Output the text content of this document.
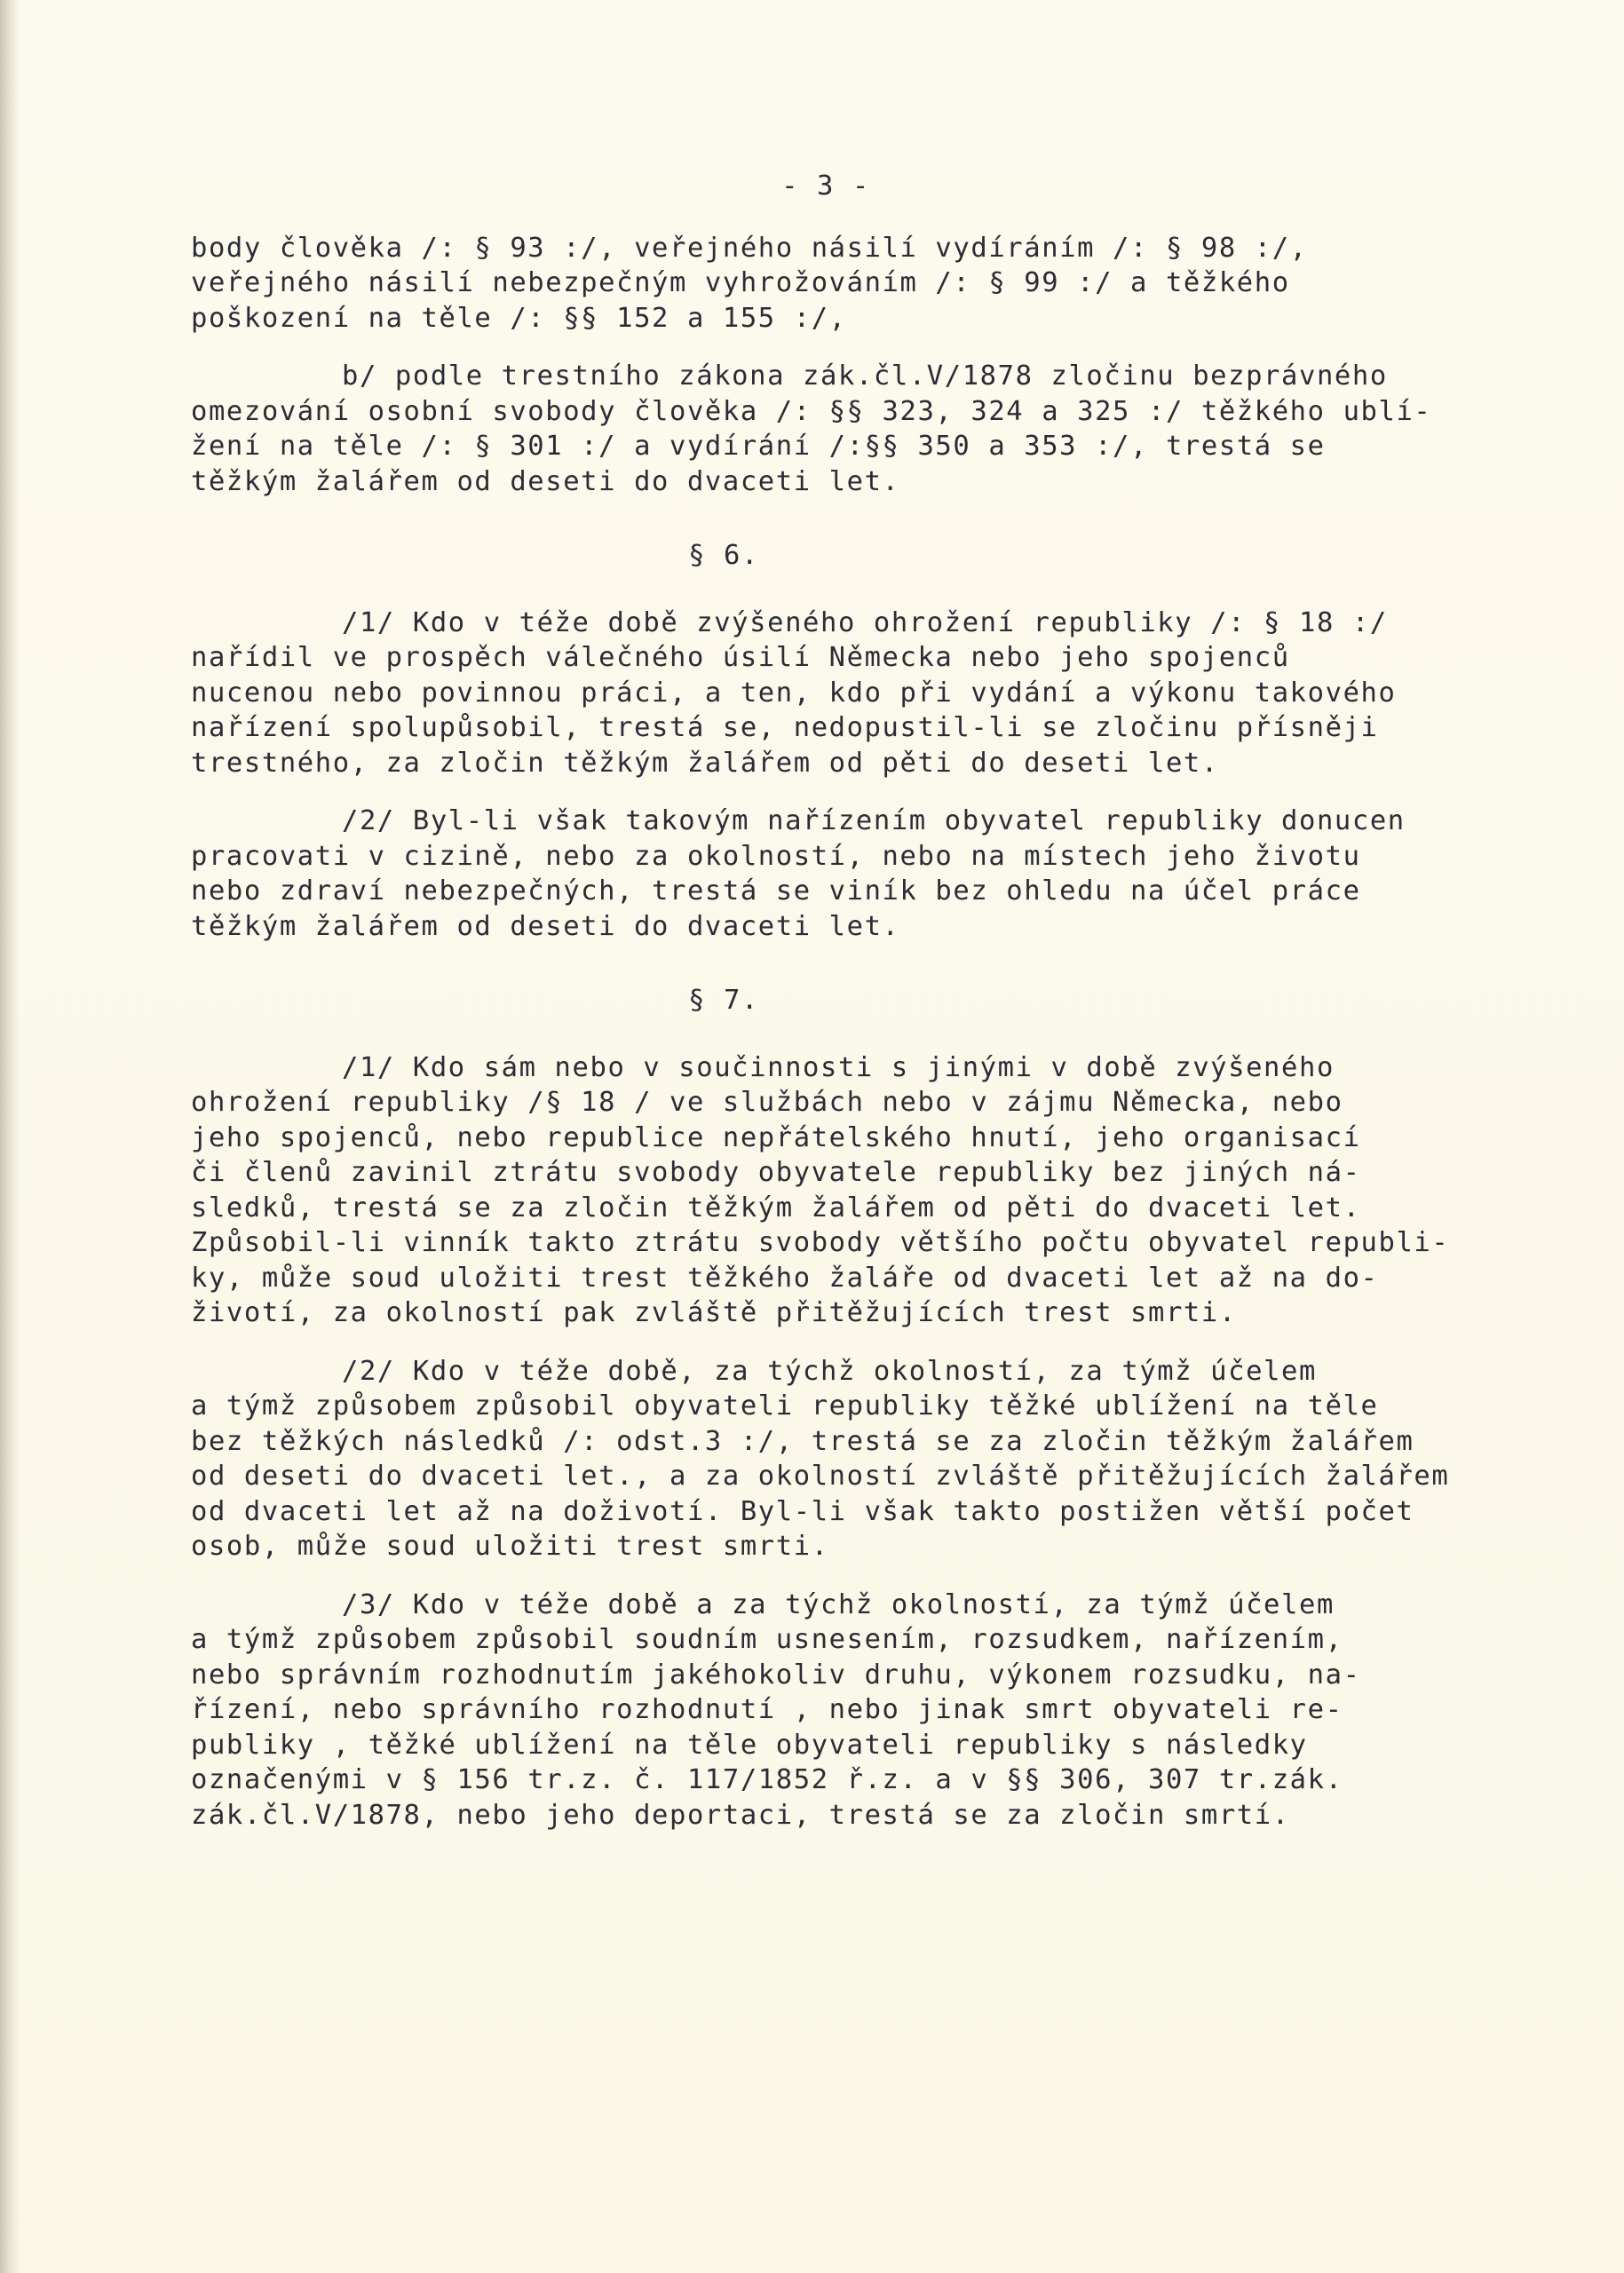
- 3 -
body člověka /: § 93 :/, veřejného násilí vydíráním /: § 98 :/,
veřejného násilí nebezpečným vyhrožováním /: § 99 :/ a těžkého
poškození na těle /: §§ 152 a 155 :/,
b/ podle trestního zákona zák.čl.V/1878 zločinu bezprávného
omezování osobní svobody člověka /: §§ 323, 324 a 325 :/ těžkého ublí-
žení na těle /: § 301 :/ a vydírání /:§§ 350 a 353 :/, trestá se
těžkým žalářem od deseti do dvaceti let.
§ 6.
/1/ Kdo v téže době zvýšeného ohrožení republiky /: § 18 :/
nařídil ve prospěch válečného úsilí Německa nebo jeho spojenců
nucenou nebo povinnou práci, a ten, kdo při vydání a výkonu takového
nařízení spolupůsobil, trestá se, nedopustil-li se zločinu přísněji
trestného, za zločin těžkým žalářem od pěti do deseti let.
/2/ Byl-li však takovým nařízením obyvatel republiky donucen
pracovati v cizině, nebo za okolností, nebo na místech jeho životu
nebo zdraví nebezpečných, trestá se viník bez ohledu na účel práce
těžkým žalářem od deseti do dvaceti let.
§ 7.
/1/ Kdo sám nebo v součinnosti s jinými v době zvýšeného
ohrožení republiky /§ 18 / ve službách nebo v zájmu Německa, nebo
jeho spojenců, nebo republice nepřátelského hnutí, jeho organisací
či členů zavinil ztrátu svobody obyvatele republiky bez jiných ná-
sledků, trestá se za zločin těžkým žalářem od pěti do dvaceti let.
Způsobil-li vinník takto ztrátu svobody většího počtu obyvatel republi-
ky, může soud uložiti trest těžkého žaláře od dvaceti let až na do-
životí, za okolností pak zvláště přitěžujících trest smrti.
/2/ Kdo v téže době, za týchž okolností, za týmž účelem
a týmž způsobem způsobil obyvateli republiky těžké ublížení na těle
bez těžkých následků /: odst.3 :/, trestá se za zločin těžkým žalářem
od deseti do dvaceti let., a za okolností zvláště přitěžujících žalářem
od dvaceti let až na doživotí. Byl-li však takto postižen větší počet
osob, může soud uložiti trest smrti.
/3/ Kdo v téže době a za týchž okolností, za týmž účelem
a týmž způsobem způsobil soudním usnesením, rozsudkem, nařízením,
nebo správním rozhodnutím jakéhokoliv druhu, výkonem rozsudku, na-
řízení, nebo správního rozhodnutí , nebo jinak smrt obyvateli re-
publiky , těžké ublížení na těle obyvateli republiky s následky
označenými v § 156 tr.z. č. 117/1852 ř.z. a v §§ 306, 307 tr.zák.
zák.čl.V/1878, nebo jeho deportaci, trestá se za zločin smrtí.
